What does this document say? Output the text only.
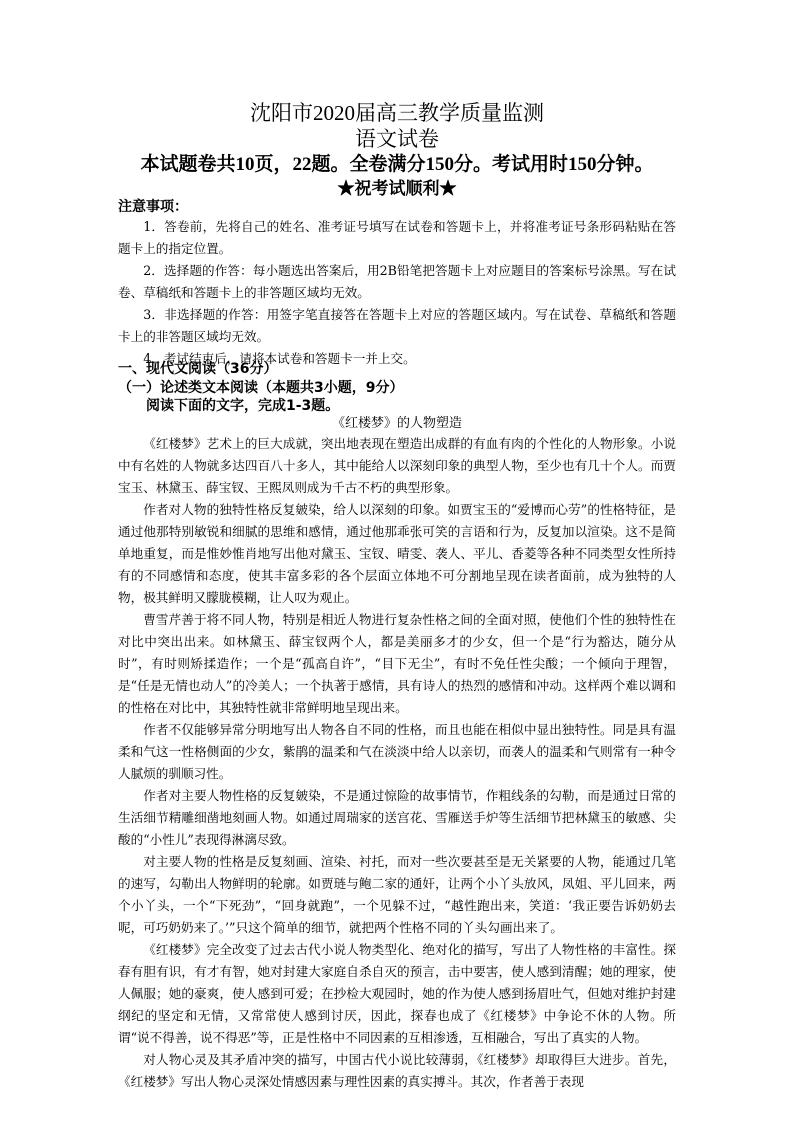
沈阳市2020届高三教学质量监测
语文试卷
本试题卷共10页，22题。全卷满分150分。考试用时150分钟。
★祝考试顺利★
注意事项：

1．答卷前，先将自己的姓名、准考证号填写在试卷和答题卡上，并将准考证号条形码粘贴在答题卡上的指定位置。

2．选择题的作答：每小题选出答案后，用2B铅笔把答题卡上对应题目的答案标号涂黑。写在试卷、草稿纸和答题卡上的非答题区域均无效。

3．非选择题的作答：用签字笔直接答在答题卡上对应的答题区域内。写在试卷、草稿纸和答题卡上的非答题区域均无效。

4．考试结束后，请将本试卷和答题卡一并上交。

一、现代文阅读（36分）
（一）论述类文本阅读（本题共3小题，9分）
阅读下面的文字，完成1-3题。
《红楼梦》的人物塑造

《红楼梦》艺术上的巨大成就，突出地表现在塑造出成群的有血有肉的个性化的人物形象。小说中有名姓的人物就多达四百八十多人，其中能给人以深刻印象的典型人物，至少也有几十个人。而贾宝玉、林黛玉、薛宝钗、王熙凤则成为千古不朽的典型形象。

作者对人物的独特性格反复皴染，给人以深刻的印象。如贾宝玉的“爱博而心劳”的性格特征，是通过他那特别敏锐和细腻的思维和感情，通过他那乖张可笑的言语和行为，反复加以渲染。这不是简单地重复，而是惟妙惟肖地写出他对黛玉、宝钗、晴雯、袭人、平儿、香菱等各种不同类型女性所持有的不同感情和态度，使其丰富多彩的各个层面立体地不可分割地呈现在读者面前，成为独特的人物，极其鲜明又朦胧模糊，让人叹为观止。

曹雪芹善于将不同人物，特别是相近人物进行复杂性格之间的全面对照，使他们个性的独特性在对比中突出出来。如林黛玉、薛宝钗两个人，都是美丽多才的少女，但一个是“行为豁达，随分从时”，有时则矫揉造作；一个是“孤高自许”，“目下无尘”，有时不免任性尖酸；一个倾向于理智，是“任是无情也动人”的冷美人；一个执著于感情，具有诗人的热烈的感情和冲动。这样两个难以调和的性格在对比中，其独特性就非常鲜明地呈现出来。

作者不仅能够异常分明地写出人物各自不同的性格，而且也能在相似中显出独特性。同是具有温柔和气这一性格侧面的少女，紫鹃的温柔和气在淡淡中给人以亲切，而袭人的温柔和气则常有一种令人腻烦的驯顺习性。

作者对主要人物性格的反复皴染，不是通过惊险的故事情节，作粗线条的勾勒，而是通过日常的生活细节精雕细凿地刻画人物。如通过周瑞家的送宫花、雪雁送手炉等生活细节把林黛玉的敏感、尖酸的“小性儿”表现得淋漓尽致。

对主要人物的性格是反复刻画、渲染、衬托，而对一些次要甚至是无关紧要的人物，能通过几笔的速写，勾勒出人物鲜明的轮廓。如贾琏与鲍二家的通奸，让两个小丫头放风，凤姐、平儿回来，两个小丫头，一个“下死劲”，“回身就跑”，一个见躲不过，“越性跑出来，笑道：‘我正要告诉奶奶去呢，可巧奶奶来了。’”只这个简单的细节，就把两个性格不同的丫头勾画出来了。

《红楼梦》完全改变了过去古代小说人物类型化、绝对化的描写，写出了人物性格的丰富性。探春有胆有识，有才有智，她对封建大家庭自杀自灭的预言，击中要害，使人感到清醒；她的理家，使人佩服；她的豪爽，使人感到可爱；在抄检大观园时，她的作为使人感到扬眉吐气，但她对维护封建纲纪的坚定和无情，又常常使人感到讨厌，因此，探春也成了《红楼梦》中争论不休的人物。所谓“说不得善，说不得恶”等，正是性格中不同因素的互相渗透，互相融合，写出了真实的人物。

对人物心灵及其矛盾冲突的描写，中国古代小说比较薄弱，《红楼梦》却取得巨大进步。首先，《红楼梦》写出人物心灵深处情感因素与理性因素的真实搏斗。其次，作者善于表现
